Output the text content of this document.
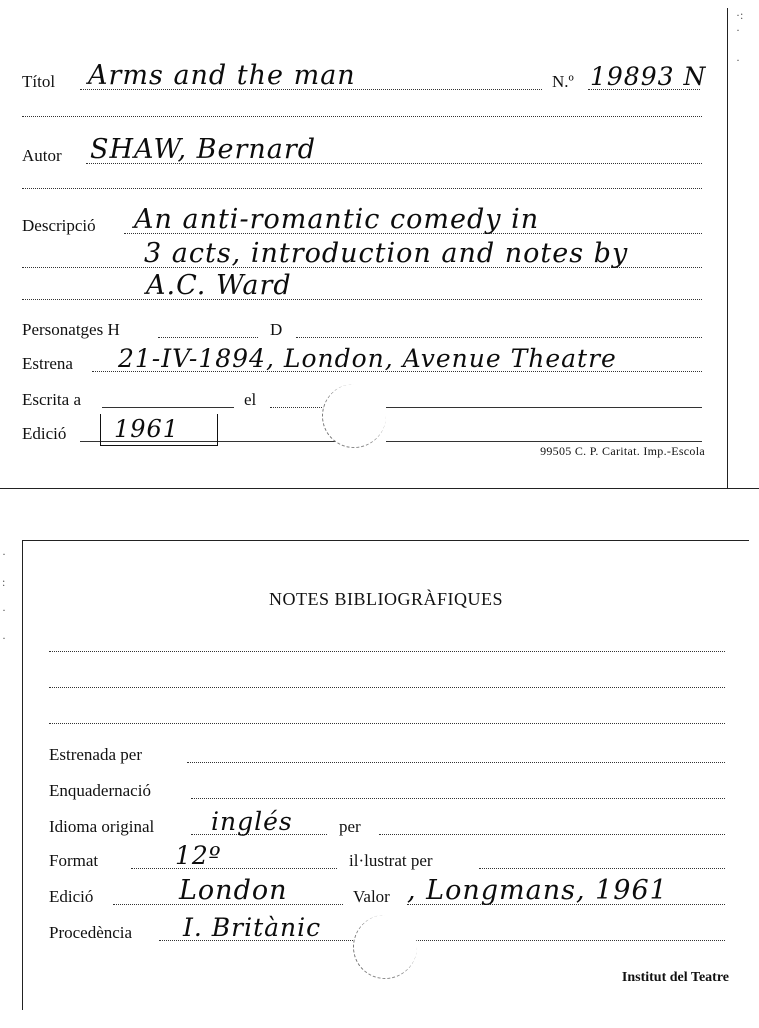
·:
·

·
·
:
·
·
Títol Arms and the man	N.º 19893 N
Autor SHAW, Bernard
Descripció An anti-romantic comedy in
3 acts, introduction and notes by
A.C. Ward
Personatges H	D
Estrena 21-IV-1894, London, Avenue Theatre
Escrita a	el
Edició 1961
99505 C. P. Caritat. Imp.-Escola
NOTES BIBLIOGRÀFIQUES
Estrenada per
Enquadernació
Idioma original inglés	per
Format	12º	il·lustrat per
Edició	London	Valor , Longmans, 1961
Procedència I. Britànic
Institut del Teatre
